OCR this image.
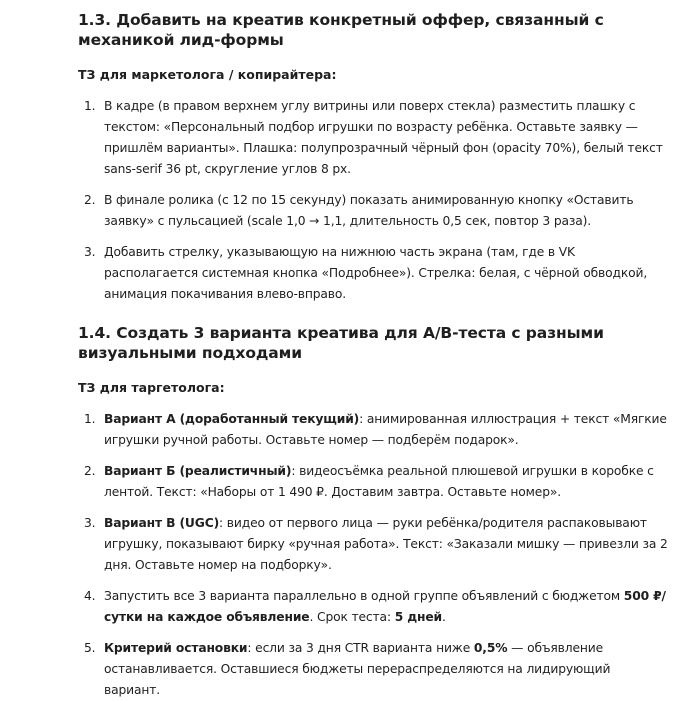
1.3. Добавить на креатив конкретный оффер, связанный с механикой лид-формы

ТЗ для маркетолога / копирайтера:

1. В кадре (в правом верхнем углу витрины или поверх стекла) разместить плашку с текстом: «Персональный подбор игрушки по возрасту ребёнка. Оставьте заявку — пришлём варианты». Плашка: полупрозрачный чёрный фон (opacity 70%), белый текст sans-serif 36 pt, скругление углов 8 px.
2. В финале ролика (с 12 по 15 секунду) показать анимированную кнопку «Оставить заявку» с пульсацией (scale 1,0 → 1,1, длительность 0,5 сек, повтор 3 раза).
3. Добавить стрелку, указывающую на нижнюю часть экрана (там, где в VK располагается системная кнопка «Подробнее»). Стрелка: белая, с чёрной обводкой, анимация покачивания влево-вправо.
1.4. Создать 3 варианта креатива для A/B-теста с разными визуальными подходами

ТЗ для таргетолога:

1. Вариант А (доработанный текущий): анимированная иллюстрация + текст «Мягкие игрушки ручной работы. Оставьте номер — подберём подарок».
2. Вариант Б (реалистичный): видеосъёмка реальной плюшевой игрушки в коробке с лентой. Текст: «Наборы от 1 490 ₽. Доставим завтра. Оставьте номер».
3. Вариант В (UGC): видео от первого лица — руки ребёнка/родителя распаковывают игрушку, показывают бирку «ручная работа». Текст: «Заказали мишку — привезли за 2 дня. Оставьте номер на подборку».
4. Запустить все 3 варианта параллельно в одной группе объявлений с бюджетом 500 ₽/сутки на каждое объявление. Срок теста: 5 дней.
5. Критерий остановки: если за 3 дня CTR варианта ниже 0,5% — объявление останавливается. Оставшиеся бюджеты перераспределяются на лидирующий вариант.
